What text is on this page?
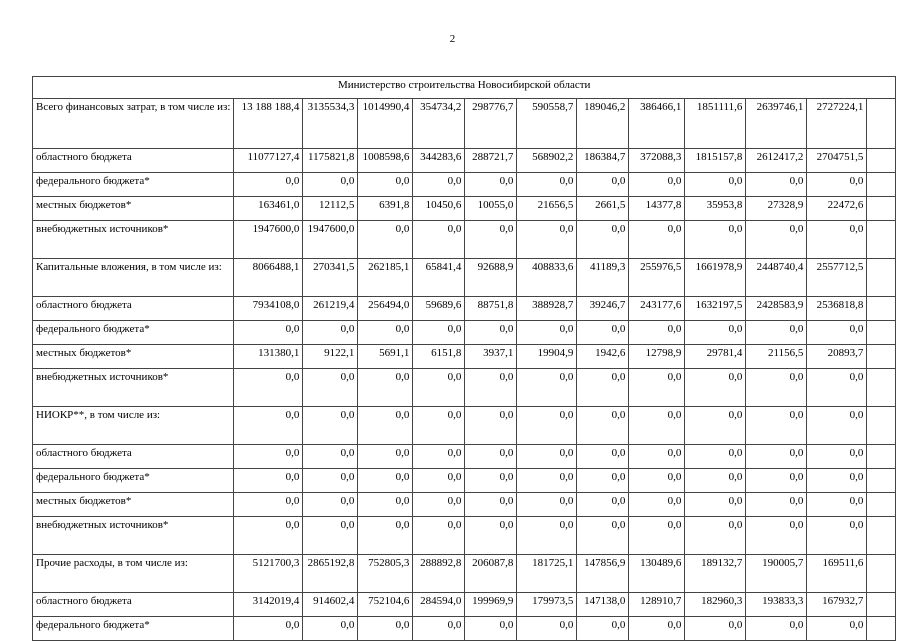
2
Министерство строительства Новосибирской области												
Всего финансовых затрат, в том числе из:	13 188 188,4	3135534,3	1014990,4	354734,2	298776,7	590558,7	189046,2	386466,1	1851111,6	2639746,1	2727224,1	
областного бюджета	11077127,4	1175821,8	1008598,6	344283,6	288721,7	568902,2	186384,7	372088,3	1815157,8	2612417,2	2704751,5	
федерального бюджета*	0,0	0,0	0,0	0,0	0,0	0,0	0,0	0,0	0,0	0,0	0,0	
местных бюджетов*	163461,0	12112,5	6391,8	10450,6	10055,0	21656,5	2661,5	14377,8	35953,8	27328,9	22472,6	
внебюджетных источников*	1947600,0	1947600,0	0,0	0,0	0,0	0,0	0,0	0,0	0,0	0,0	0,0	
Капитальные вложения, в том числе из:	8066488,1	270341,5	262185,1	65841,4	92688,9	408833,6	41189,3	255976,5	1661978,9	2448740,4	2557712,5	
областного бюджета	7934108,0	261219,4	256494,0	59689,6	88751,8	388928,7	39246,7	243177,6	1632197,5	2428583,9	2536818,8	
федерального бюджета*	0,0	0,0	0,0	0,0	0,0	0,0	0,0	0,0	0,0	0,0	0,0	
местных бюджетов*	131380,1	9122,1	5691,1	6151,8	3937,1	19904,9	1942,6	12798,9	29781,4	21156,5	20893,7	
внебюджетных источников*	0,0	0,0	0,0	0,0	0,0	0,0	0,0	0,0	0,0	0,0	0,0	
НИОКР**, в том числе из:	0,0	0,0	0,0	0,0	0,0	0,0	0,0	0,0	0,0	0,0	0,0	
областного бюджета	0,0	0,0	0,0	0,0	0,0	0,0	0,0	0,0	0,0	0,0	0,0	
федерального бюджета*	0,0	0,0	0,0	0,0	0,0	0,0	0,0	0,0	0,0	0,0	0,0	
местных бюджетов*	0,0	0,0	0,0	0,0	0,0	0,0	0,0	0,0	0,0	0,0	0,0	
внебюджетных источников*	0,0	0,0	0,0	0,0	0,0	0,0	0,0	0,0	0,0	0,0	0,0	
Прочие расходы, в том числе из:	5121700,3	2865192,8	752805,3	288892,8	206087,8	181725,1	147856,9	130489,6	189132,7	190005,7	169511,6	
областного бюджета	3142019,4	914602,4	752104,6	284594,0	199969,9	179973,5	147138,0	128910,7	182960,3	193833,3	167932,7	
федерального бюджета*	0,0	0,0	0,0	0,0	0,0	0,0	0,0	0,0	0,0	0,0	0,0	
